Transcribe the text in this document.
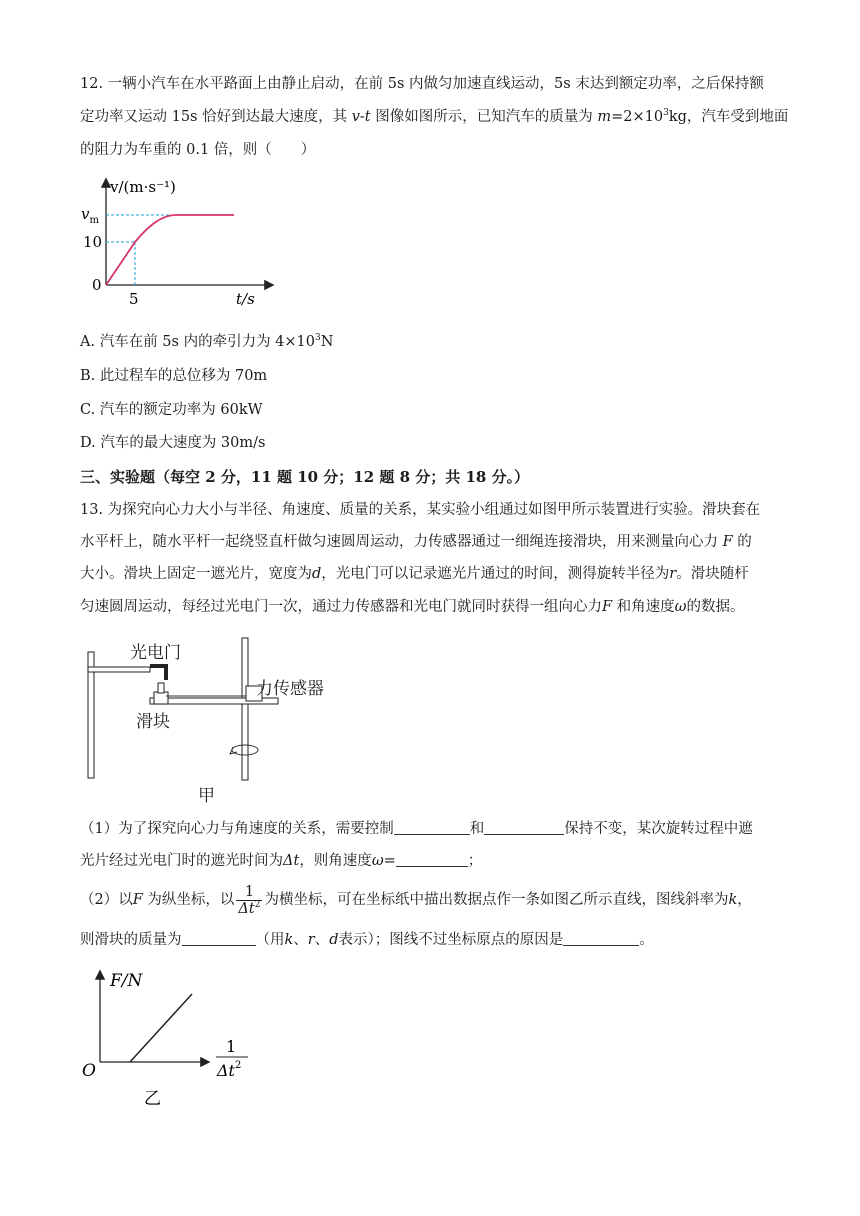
12. 一辆小汽车在水平路面上由静止启动，在前 5s 内做匀加速直线运动，5s 末达到额定功率，之后保持额
定功率又运动 15s 恰好到达最大速度，其 v-t 图像如图所示，已知汽车的质量为 $m=2\times 10^3kg$，汽车受到地面
的阻力为车重的 0.1 倍，则（　　）
v/(m·s⁻¹)
$v_m$
10
0
5	t/s
A. 汽车在前 5s 内的牵引力为 $4\times 10^3N$
B. 此过程车的总位移为 70m
C. 汽车的额定功率为 60kW
D. 汽车的最大速度为 30m/s
三、实验题（每空 2 分，11 题 10 分；12 题 8 分；共 18 分。）
13. 为探究向心力大小与半径、角速度、质量的关系，某实验小组通过如图甲所示装置进行实验。滑块套在
水平杆上，随水平杆一起绕竖直杆做匀速圆周运动，力传感器通过一细绳连接滑块，用来测量向心力 F 的
大小。滑块上固定一遮光片，宽度为d，光电门可以记录遮光片通过的时间，测得旋转半径为r。滑块随杆
匀速圆周运动，每经过光电门一次，通过力传感器和光电门就同时获得一组向心力F 和角速度ω的数据。
光电门
力传感器
滑块
甲
（1）为了探究向心力与角速度的关系，需要控制	和	保持不变，某次旋转过程中遮
光片经过光电门时的遮光时间为Δt，则角速度ω=	；
（2）以F 为纵坐标，以 $\frac{1}{\Delta t^2}$ 为横坐标，可在坐标纸中描出数据点作一条如图乙所示直线，图线斜率为k，
则滑块的质量为	（用k、r、d表示）；图线不过坐标原点的原因是	。
F/N
O
1
$\Delta t^2$
乙
